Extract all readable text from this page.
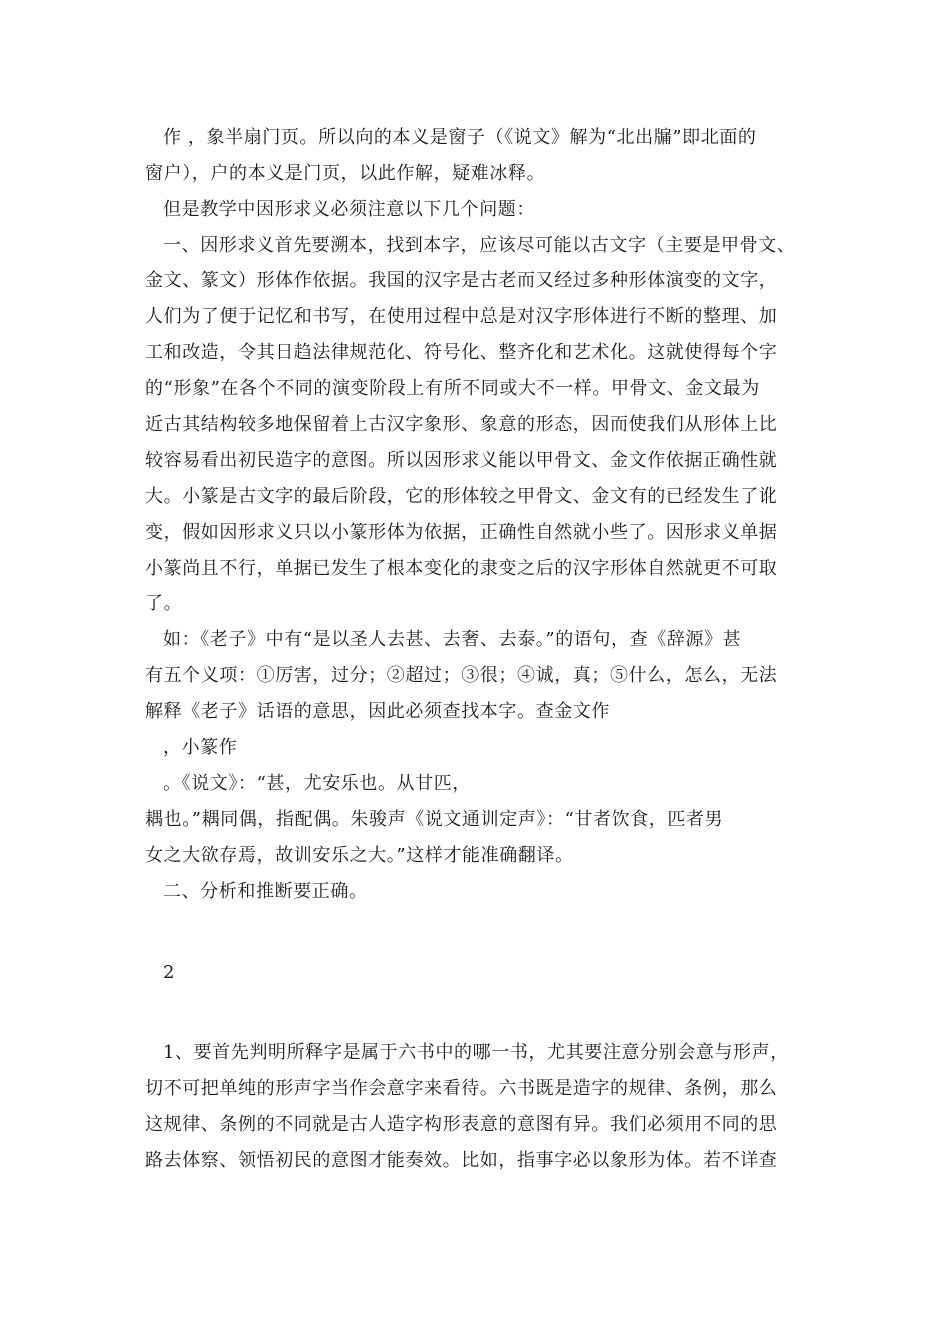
作 ，象半扇门页。所以向的本义是窗子（《说文》解为“北出牖”即北面的
窗户），户的本义是门页，以此作解，疑难冰释。
但是教学中因形求义必须注意以下几个问题：
一、因形求义首先要溯本，找到本字，应该尽可能以古文字（主要是甲骨文、
金文、篆文）形体作依据。我国的汉字是古老而又经过多种形体演变的文字，
人们为了便于记忆和书写，在使用过程中总是对汉字形体进行不断的整理、加
工和改造，令其日趋法律规范化、符号化、整齐化和艺术化。这就使得每个字
的“形象”在各个不同的演变阶段上有所不同或大不一样。甲骨文、金文最为
近古其结构较多地保留着上古汉字象形、象意的形态，因而使我们从形体上比
较容易看出初民造字的意图。所以因形求义能以甲骨文、金文作依据正确性就
大。小篆是古文字的最后阶段，它的形体较之甲骨文、金文有的已经发生了讹
变，假如因形求义只以小篆形体为依据，正确性自然就小些了。因形求义单据
小篆尚且不行，单据已发生了根本变化的隶变之后的汉字形体自然就更不可取
了。
如：《老子》中有“是以圣人去甚、去奢、去泰。”的语句，查《辞源》甚
有五个义项：①厉害，过分；②超过；③很；④诚，真；⑤什么，怎么，无法
解释《老子》话语的意思，因此必须查找本字。查金文作
，小篆作
。《说文》：“甚，尤安乐也。从甘匹，
耦也。”耦同偶，指配偶。朱骏声《说文通训定声》：“甘者饮食，匹者男
女之大欲存焉，故训安乐之大。”这样才能准确翻译。
二、分析和推断要正确。
2
1、要首先判明所释字是属于六书中的哪一书，尤其要注意分别会意与形声，
切不可把单纯的形声字当作会意字来看待。六书既是造字的规律、条例，那么
这规律、条例的不同就是古人造字构形表意的意图有异。我们必须用不同的思
路去体察、领悟初民的意图才能奏效。比如，指事字必以象形为体。若不详查
